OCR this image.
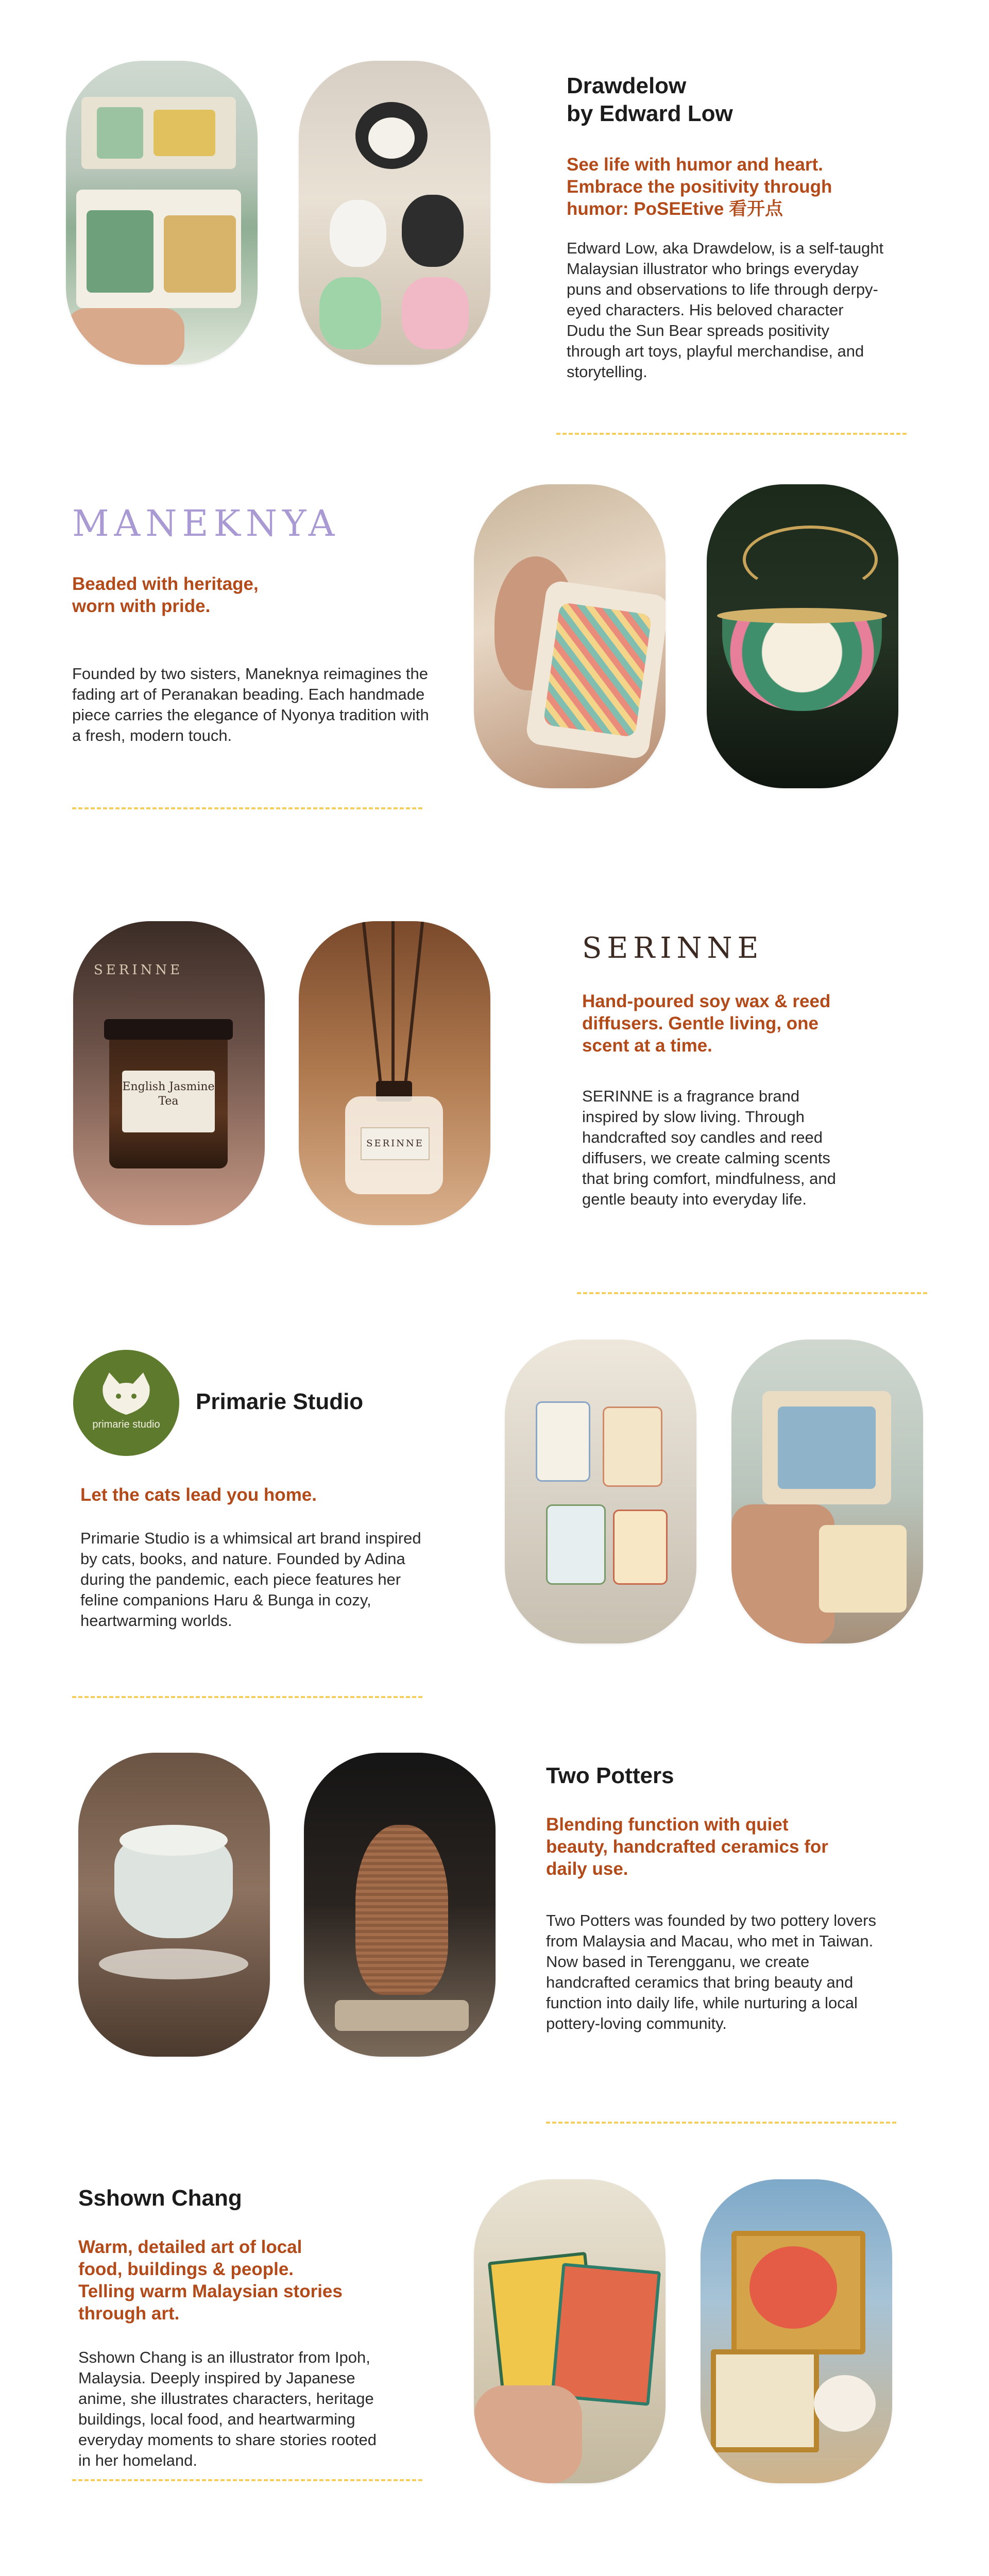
Drawdelow
by Edward Low
See life with humor and heart. Embrace the positivity through humor: PoSEEtive 看开点
Edward Low, aka Drawdelow, is a self-taught Malaysian illustrator who brings everyday puns and observations to life through derpy-eyed characters. His beloved character Dudu the Sun Bear spreads positivity through art toys, playful merchandise, and storytelling.
MANEKNYA
Beaded with heritage, worn with pride.
Founded by two sisters, Maneknya reimagines the fading art of Peranakan beading. Each handmade piece carries the elegance of Nyonya tradition with a fresh, modern touch.
SERINNE
English Jasmine Tea
SERINNE
SERINNE
Hand-poured soy wax & reed diffusers. Gentle living, one scent at a time.
SERINNE is a fragrance brand inspired by slow living. Through handcrafted soy candles and reed diffusers, we create calming scents that bring comfort, mindfulness, and gentle beauty into everyday life.
primarie studio
Primarie Studio
Let the cats lead you home.
Primarie Studio is a whimsical art brand inspired by cats, books, and nature. Founded by Adina during the pandemic, each piece features her feline companions Haru & Bunga in cozy, heartwarming worlds.
Two Potters
Blending function with quiet beauty, handcrafted ceramics for daily use.
Two Potters was founded by two pottery lovers from Malaysia and Macau, who met in Taiwan. Now based in Terengganu, we create handcrafted ceramics that bring beauty and function into daily life, while nurturing a local pottery-loving community.
Sshown Chang
Warm, detailed art of local food, buildings & people. Telling warm Malaysian stories through art.
Sshown Chang is an illustrator from Ipoh, Malaysia. Deeply inspired by Japanese anime, she illustrates characters, heritage buildings, local food, and heartwarming everyday moments to share stories rooted in her homeland.
